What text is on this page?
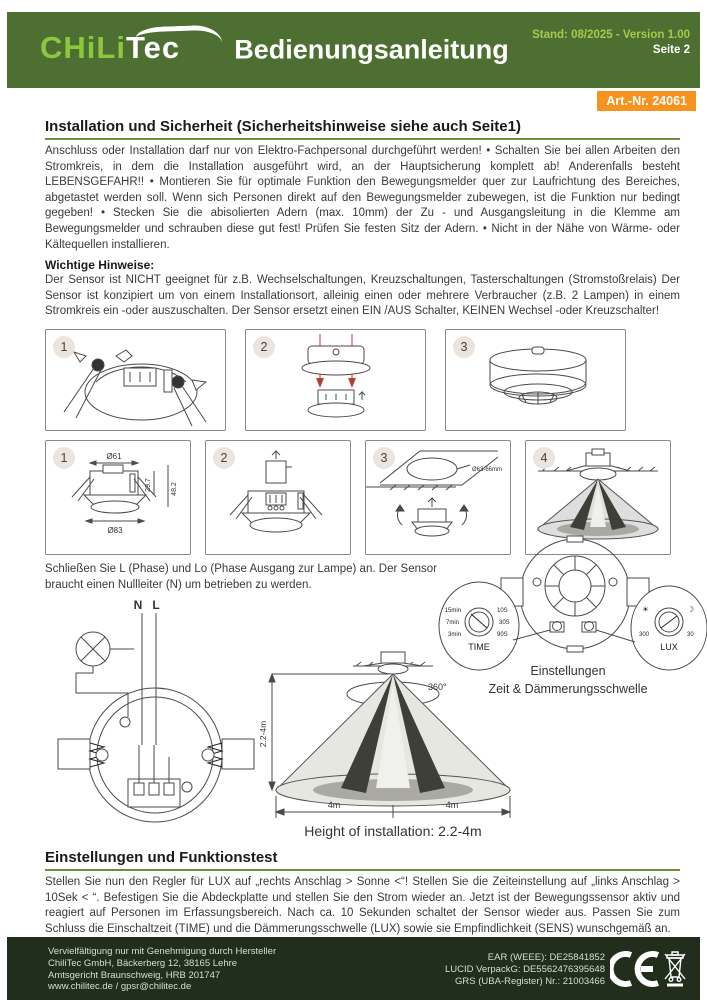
CHiLiTec Bedienungsanleitung Stand: 08/2025 - Version 1.00
Seite 2
Art.-Nr. 24061
Installation und Sicherheit (Sicherheitshinweise siehe auch Seite1)

Anschluss oder Installation darf nur von Elektro-Fachpersonal durchgeführt werden! • Schalten Sie bei allen Arbeiten den Stromkreis, in dem die Installation ausgeführt wird, an der Hauptsicherung komplett ab! Anderenfalls besteht LEBENSGEFAHR!! • Montieren Sie für optimale Funktion den Bewegungsmelder quer zur Laufrichtung des Bereiches, abgetastet werden soll. Wenn sich Personen direkt auf den Bewegungsmelder zubewegen, ist die Funktion nur bedingt gegeben! • Stecken Sie die abisolierten Adern (max. 10mm) der Zu - und Ausgangsleitung in die Klemme am Bewegungsmelder und schrauben diese gut fest! Prüfen Sie festen Sitz der Adern. • Nicht in der Nähe von Wärme- oder Kältequellen installieren.

Wichtige Hinweise:

Der Sensor ist NICHT geeignet für z.B. Wechselschaltungen, Kreuzschaltungen, Tasterschaltungen (Stromstoßrelais) Der Sensor ist konzipiert um von einem Installationsort, alleinig einen oder mehrere Verbraucher (z.B. 2 Lampen) in einem Stromkreis ein -oder auszuschalten. Der Sensor ersetzt einen EIN /AUS Schalter, KEINEN Wechsel -oder Kreuzschalter!

1	2	3
1	Ø61
29.7	48.2
Ø83
2	3
Ø63-66mm
4

Schließen Sie L (Phase) und Lo (Phase Ausgang zur Lampe) an. Der Sensor braucht einen Nullleiter (N) um betrieben zu werden.

N L
360°
2.2-4m
4m	4m
Height of installation: 2.2-4m
15min
7min
3min
10S
30S
90S
TIME
☀	☽
300	30
LUX
Einstellungen
Zeit & Dämmerungsschwelle
Einstellungen und Funktionstest

Stellen Sie nun den Regler für LUX auf „rechts Anschlag > Sonne <“! Stellen Sie die Zeiteinstellung auf „links Anschlag > 10Sek < “. Befestigen Sie die Abdeckplatte und stellen Sie den Strom wieder an. Jetzt ist der Bewegungssensor aktiv und reagiert auf Personen im Erfassungsbereich. Nach ca. 10 Sekunden schaltet der Sensor wieder aus. Passen Sie zum Schluss die Einschaltzeit (TIME) und die Dämmerungsschwelle (LUX) sowie sie Empfindlichkeit (SENS) wunschgemäß an.

Vervielfältigung nur mit Genehmigung durch Hersteller
ChiliTec GmbH, Bäckerberg 12, 38165 Lehre
Amtsgericht Braunschweig, HRB 201747
www.chilitec.de / gpsr@chilitec.de
EAR (WEEE): DE25841852
LUCID VerpackG: DE5562476395648
GRS (UBA-Register) Nr.: 21003466
